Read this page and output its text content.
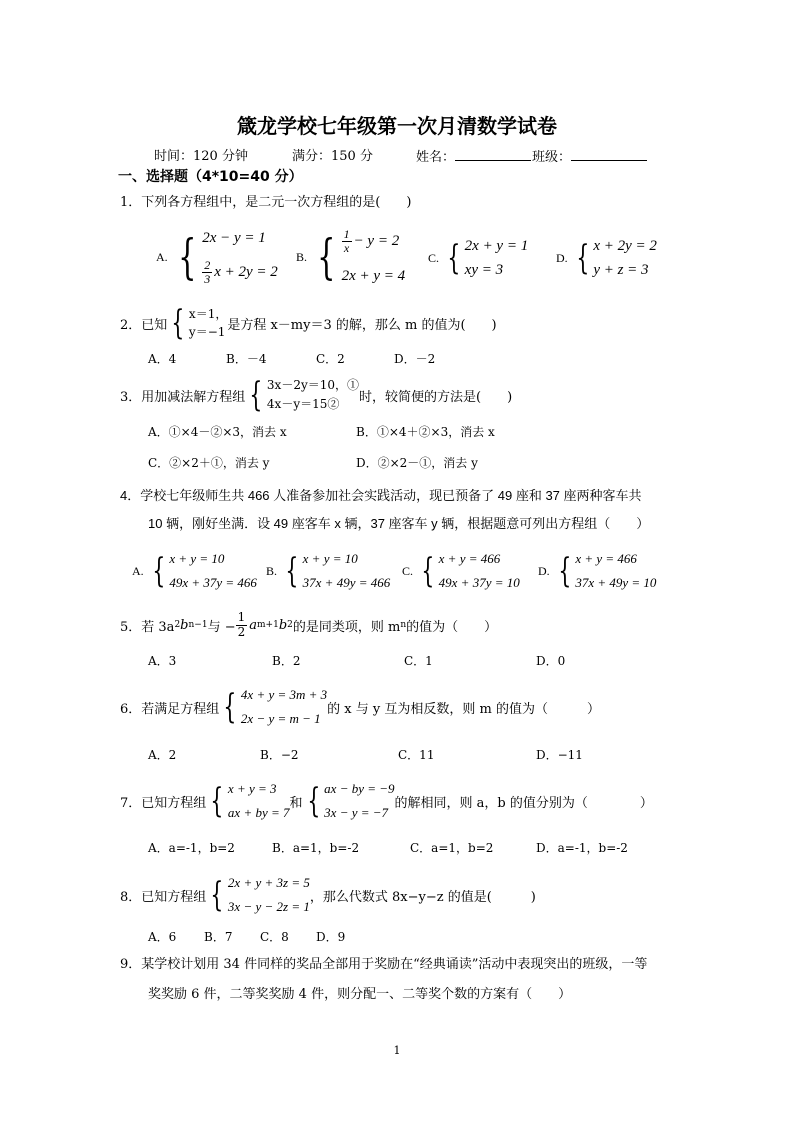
箴龙学校七年级第一次月清数学试卷
时间：120 分钟	满分：150 分	姓名：	班级：
一、选择题（4*10=40 分）
1．下列各方程组中，是二元一次方程组的是(　　)
A. { 2x − y = 1
$\frac{2}{3}$ x + 2y = 2
B. { $\frac{1}{x} - y = 2$
2x + y = 4
C. { 2x + y = 1
xy = 3
D. { x + 2y = 2
y + z = 3
2．已知 { x＝1，
y＝−1 是方程 x－my＝3 的解，那么 m 的值为(　　)
A．4	B．－4	C．2	D．－2
3．用加减法解方程组 { 3x－2y＝10，①
4x－y＝15②	时，较简便的方法是(　　)
A．①×4－②×3，消去 x	B．①×4＋②×3，消去 x
C．②×2＋①，消去 y	D．②×2－①，消去 y
4．学校七年级师生共 466 人准备参加社会实践活动，现已预备了 49 座和 37 座两种客车共
10 辆，刚好坐满．设 49 座客车 x 辆，37 座客车 y 辆，根据题意可列出方程组（　　）
A. { x + y = 10
49x + 37y = 466
B. { x + y = 10
37x + 49y = 466
C. { x + y = 466
49x + 37y = 10
D. { x + y = 466
37x + 49y = 10
5．若 3a 2 b n−1 与 − $\frac{1}{2}$ a m+1 b 2 的是同类项，则 m n 的值为（　　）
A．3	B．2	C．1	D．0
6．若满足方程组 { 4x + y = 3m + 3
2x − y = m − 1
的 x 与 y 互为相反数，则 m 的值为（　　　）
A．2	B．−2	C．11	D．−11
7．已知方程组 { x + y = 3
ax + by = 7
和 { ax − by = −9
3x − y = −7
的解相同，则 a，b 的值分别为（　　　　）
A．a=-1，b=2	B．a=1，b=-2	C．a=1，b=2	D．a=-1，b=-2
8．已知方程组 { 2x + y + 3z = 5
3x − y − 2z = 1
，那么代数式 8x−y−z 的值是(　　　)
A．6 B．7 C．8 D．9
9．某学校计划用 34 件同样的奖品全部用于奖励在“经典诵读”活动中表现突出的班级，一等
奖奖励 6 件，二等奖奖励 4 件，则分配一、二等奖个数的方案有（　　）
1
